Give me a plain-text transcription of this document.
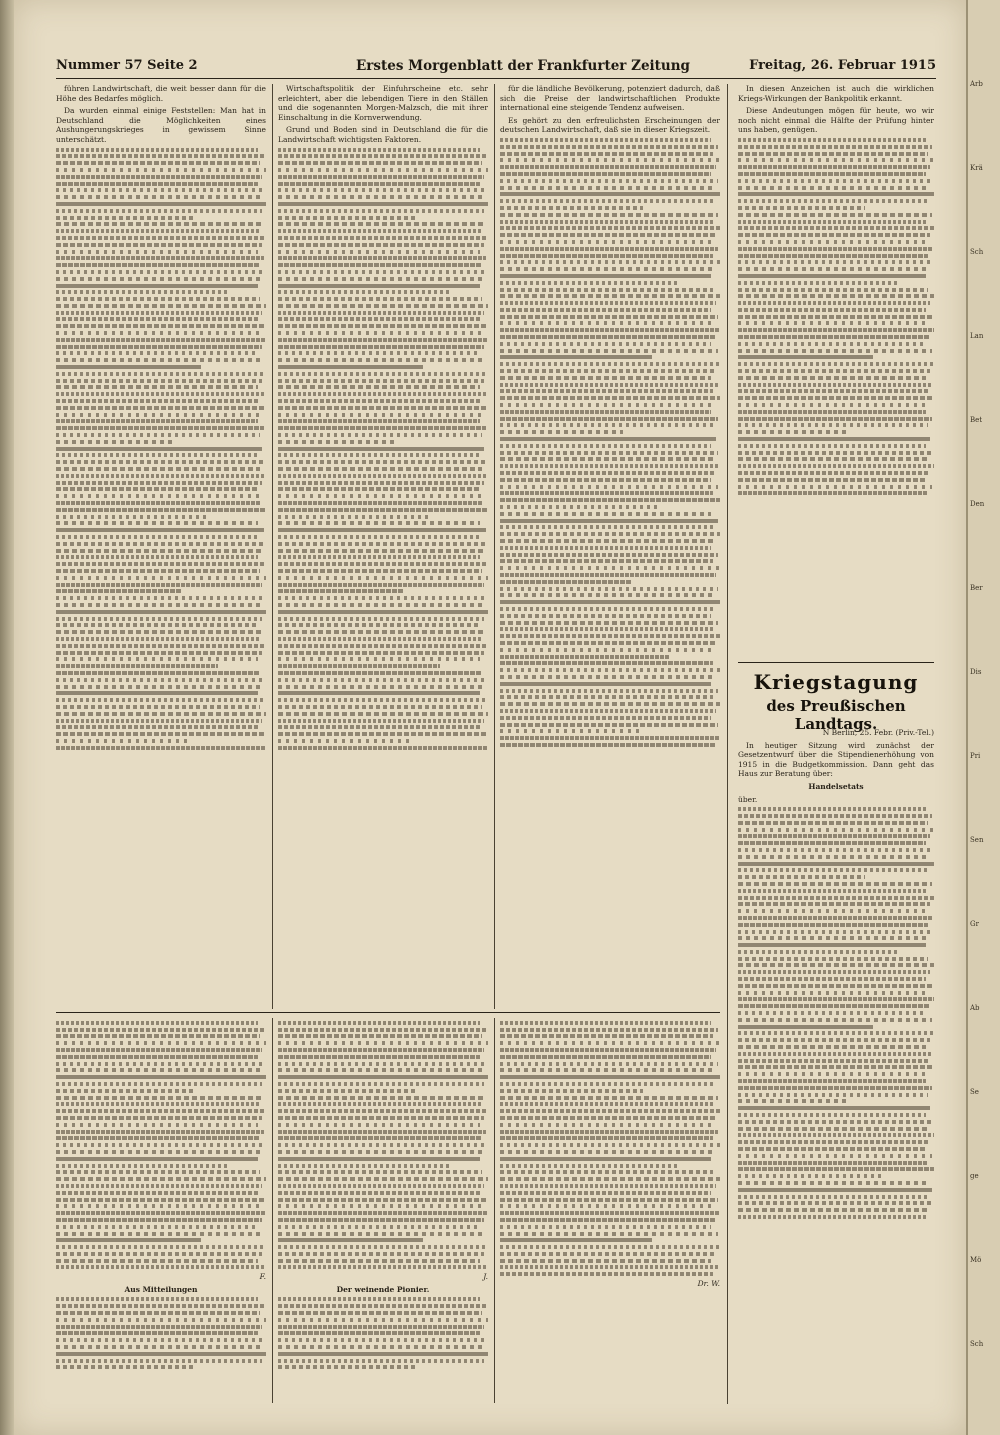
Nummer 57 Seite 2	Erstes Morgenblatt der Frankfurter Zeitung	Freitag, 26. Februar 1915

führen Landwirtschaft, die weit besser dann für die Höhe des Bedarfes möglich.

Da wurden einmal einige Feststellen: Man hat in Deutschland die Möglichkeiten eines Aushungerungskrieges in gewissem Sinne unterschätzt.

Wirtschaftspolitik der Einfuhrscheine etc. sehr erleichtert, aber die lebendigen Tiere in den Ställen und die sogenannten Morgen-Malzsch, die mit ihrer Einschaltung in die Kornverwendung.

Grund und Boden sind in Deutschland die für die Landwirtschaft wichtigsten Faktoren.

für die ländliche Bevölkerung, potenziert dadurch, daß sich die Preise der landwirtschaftlichen Produkte international eine steigende Tendenz aufweisen.

Es gehört zu den erfreulichsten Erscheinungen der deutschen Landwirtschaft, daß sie in dieser Kriegszeit.

In diesen Anzeichen ist auch die wirklichen Kriegs-Wirkungen der Bankpolitik erkannt.

Diese Andeutungen mögen für heute, wo wir noch nicht einmal die Hälfte der Prüfung hinter uns haben, genügen.

Kriegstagung
des Preußischen Landtags.

N Berlin, 25. Febr. (Priv.-Tel.)

In heutiger Sitzung wird zunächst der Gesetzentwurf über die Stipendienerhöhung von 1915 in die Budgetkommission. Dann geht das Haus zur Beratung über:

Handelsetats

über.

F.

Aus Mitteilungen

J.

Der weinende Pionier.

Dr. W.

Arb
Krä
Sch
Lan
Bet
Den
Ber
Dis
Pri
Sen
Gr
Ab
Se
ge
Mö
Sch
